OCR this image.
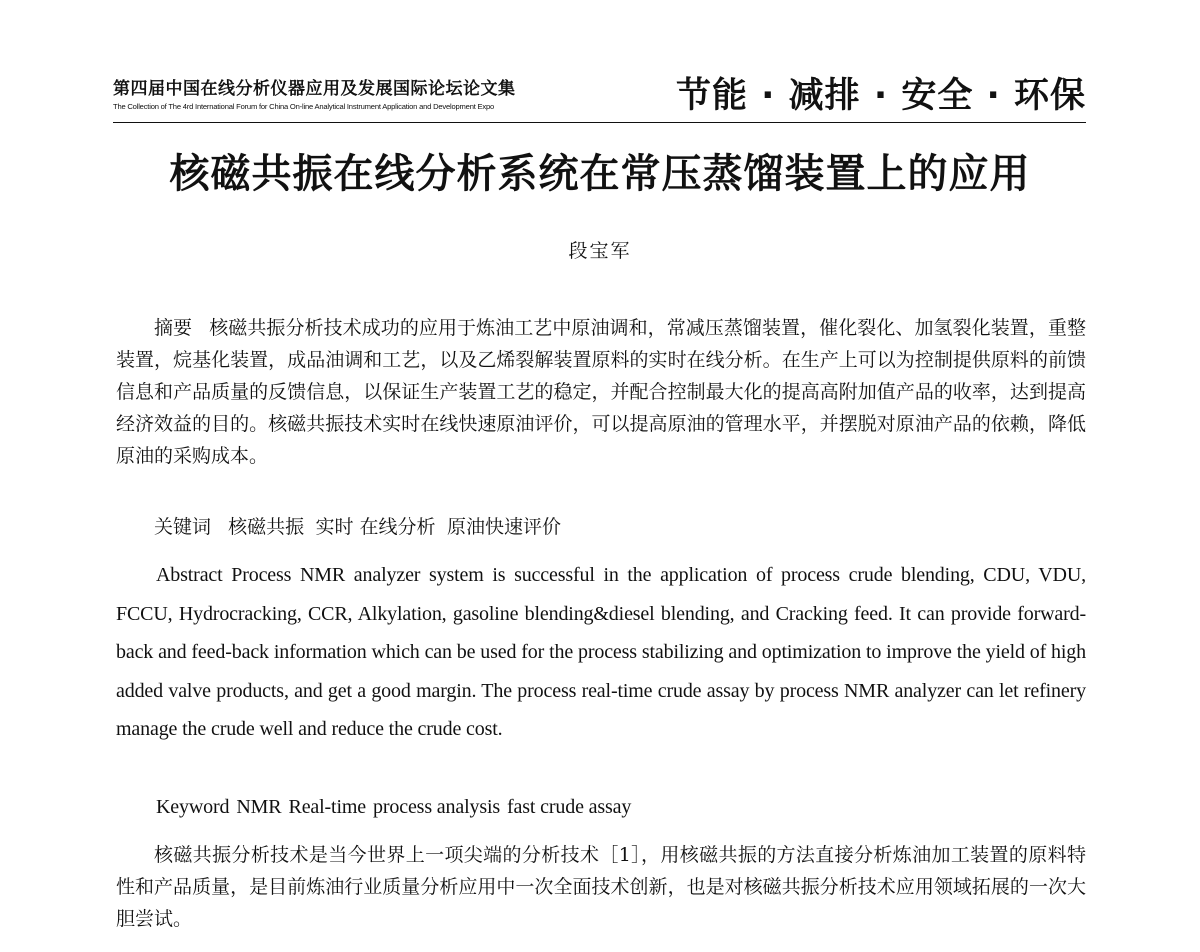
第四届中国在线分析仪器应用及发展国际论坛论文集
The Collection of The 4rd International Forum for China On-line Analytical Instrument Application and Development Expo	节能 · 减排 · 安全 · 环保
核磁共振在线分析系统在常压蒸馏装置上的应用
段宝军
摘要 核磁共振分析技术成功的应用于炼油工艺中原油调和，常减压蒸馏装置，催化裂化、加氢裂化装置，重整装置，烷基化装置，成品油调和工艺，以及乙烯裂解装置原料的实时在线分析。在生产上可以为控制提供原料的前馈信息和产品质量的反馈信息，以保证生产装置工艺的稳定，并配合控制最大化的提高高附加值产品的收率，达到提高经济效益的目的。核磁共振技术实时在线快速原油评价，可以提高原油的管理水平，并摆脱对原油产品的依赖，降低原油的采购成本。
关键词 核磁共振 实时 在线分析 原油快速评价
Abstract Process NMR analyzer system is successful in the application of process crude blending, CDU, VDU, FCCU, Hydrocracking, CCR, Alkylation, gasoline blending&diesel blending, and Cracking feed. It can provide forward-back and feed-back information which can be used for the process stabilizing and optimization to improve the yield of high added valve products, and get a good margin. The process real-time crude assay by process NMR analyzer can let refinery manage the crude well and reduce the crude cost.
Keyword NMR Real-time process analysis fast crude assay
核磁共振分析技术是当今世界上一项尖端的分析技术［1］，用核磁共振的方法直接分析炼油加工装置的原料特性和产品质量，是目前炼油行业质量分析应用中一次全面技术创新，也是对核磁共振分析技术应用领域拓展的一次大胆尝试。
